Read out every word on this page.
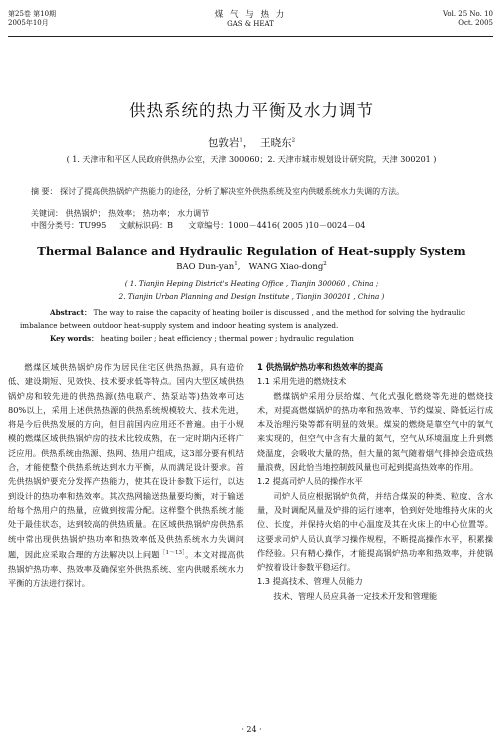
第25卷 第10期
2005年10月
煤 气 与 热 力
GAS & HEAT
Vol. 25 No. 10
Oct. 2005
供热系统的热力平衡及水力调节
包敦岩$^1$， 王晓东$^2$
( 1. 天津市和平区人民政府供热办公室，天津 300060；2. 天津市城市规划设计研究院，天津 300201 )
摘 要： 探讨了提高供热锅炉产热能力的途径，分析了解决室外供热系统及室内供暖系统水力失调的方法。
关键词： 供热锅炉； 热效率； 热功率； 水力调节
中图分类号：TU995 文献标识码：B 文章编号：1000－4416( 2005 )10－0024－04
Thermal Balance and Hydraulic Regulation of Heat-supply System
BAO Dun-yan$^1$, WANG Xiao-dong$^2$
( 1. Tianjin Heping District's Heating Office , Tianjin 300060 , China ;
2. Tianjin Urban Planning and Design Institute , Tianjin 300201 , China )
Abstract： The way to raise the capacity of heating boiler is discussed , and the method for solving the hydraulic imbalance between outdoor heat-supply system and indoor heating system is analyzed.
Key words： heating boiler ; heat efficiency ; thermal power ; hydraulic regulation

燃煤区域供热锅炉房作为居民住宅区供热热源，具有造价低、建设期短、见效快、技术要求低等特点。国内大型区域供热锅炉房和较先进的供热热源(热电联产、热泵站等)热效率可达80%以上，采用上述供热热源的供热系统规模较大、技术先进，将是今后供热发展的方向，但目前国内应用还不普遍。由于小规模的燃煤区域供热锅炉房的技术比较成熟，在一定时期内还将广泛应用。供热系统由热源、热网、热用户组成，这3部分要有机结合，才能使整个供热系统达到水力平衡，从而满足设计要求。首先供热锅炉要充分发挥产热能力，使其在设计参数下运行，以达到设计的热功率和热效率。其次热网输送热量要均衡，对于输送给每个热用户的热量，应做到按需分配。这样整个供热系统才能处于最佳状态，达到较高的供热质量。在区域供热锅炉房供热系统中常出现供热锅炉热功率和热效率低及供热系统水力失调问题，因此应采取合理的方法解决以上问题$^{[1\sim 13]}$。本文对提高供热锅炉热功率、热效率及确保室外供热系统、室内供暖系统水力平衡的方法进行探讨。

1 供热锅炉热功率和热效率的提高

1.1 采用先进的燃烧技术

燃煤锅炉采用分层给煤、气化式强化燃烧等先进的燃烧技术，对提高燃煤锅炉的热功率和热效率、节约煤炭、降低运行成本及治理污染等都有明显的效果。煤炭的燃烧是靠空气中的氧气来实现的，但空气中含有大量的氮气，空气从环境温度上升到燃烧温度，会吸收大量的热，但大量的氮气随着烟气排掉会造成热量浪费，因此恰当地控制鼓风量也可起到提高热效率的作用。

1.2 提高司炉人员的操作水平

司炉人员应根据锅炉负荷，并结合煤炭的种类、粒度、含水量，及时调配风量及炉排的运行速率，恰到好处地维持火床的火位、长度，并保持火焰的中心温度及其在火床上的中心位置等。这要求司炉人员认真学习操作规程，不断提高操作水平，积累操作经验。只有精心操作，才能提高锅炉热功率和热效率，并使锅炉按着设计参数平稳运行。

1.3 提高技术、管理人员能力

技术、管理人员应具备一定技术开发和管理能

· 24 ·
